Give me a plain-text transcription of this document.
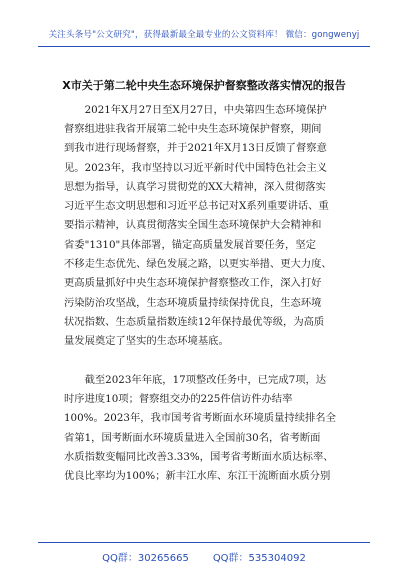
关注头条号"公文研究"，获得最新最全最专业的公文资料库！ 微信：gongwenyj
X市关于第二轮中央生态环境保护督察整改落实情况的报告
　　2021年X月27日至X月27日，中央第四生态环境保护
督察组进驻我省开展第二轮中央生态环境保护督察，期间
到我市进行现场督察，并于2021年X月13日反馈了督察意
见。2023年，我市坚持以习近平新时代中国特色社会主义
思想为指导，认真学习贯彻党的XX大精神，深入贯彻落实
习近平生态文明思想和习近平总书记对X系列重要讲话、重
要指示精神，认真贯彻落实全国生态环境保护大会精神和
省委"1310"具体部署，锚定高质量发展首要任务，坚定
不移走生态优先、绿色发展之路，以更实举措、更大力度、
更高质量抓好中央生态环境保护督察整改工作，深入打好
污染防治攻坚战，生态环境质量持续保持优良，生态环境
状况指数、生态质量指数连续12年保持最优等级，为高质
量发展奠定了坚实的生态环境基底。
　　截至2023年年底，17项整改任务中，已完成7项，达
时序进度10项；督察组交办的225件信访件办结率
100%。2023年，我市国考省考断面水环境质量持续排名全
省第1，国考断面水环境质量进入全国前30名，省考断面
水质指数变幅同比改善3.33%，国考省考断面水质达标率、
优良比率均为100%；新丰江水库、东江干流断面水质分别
QQ群：30265665 QQ群：535304092
